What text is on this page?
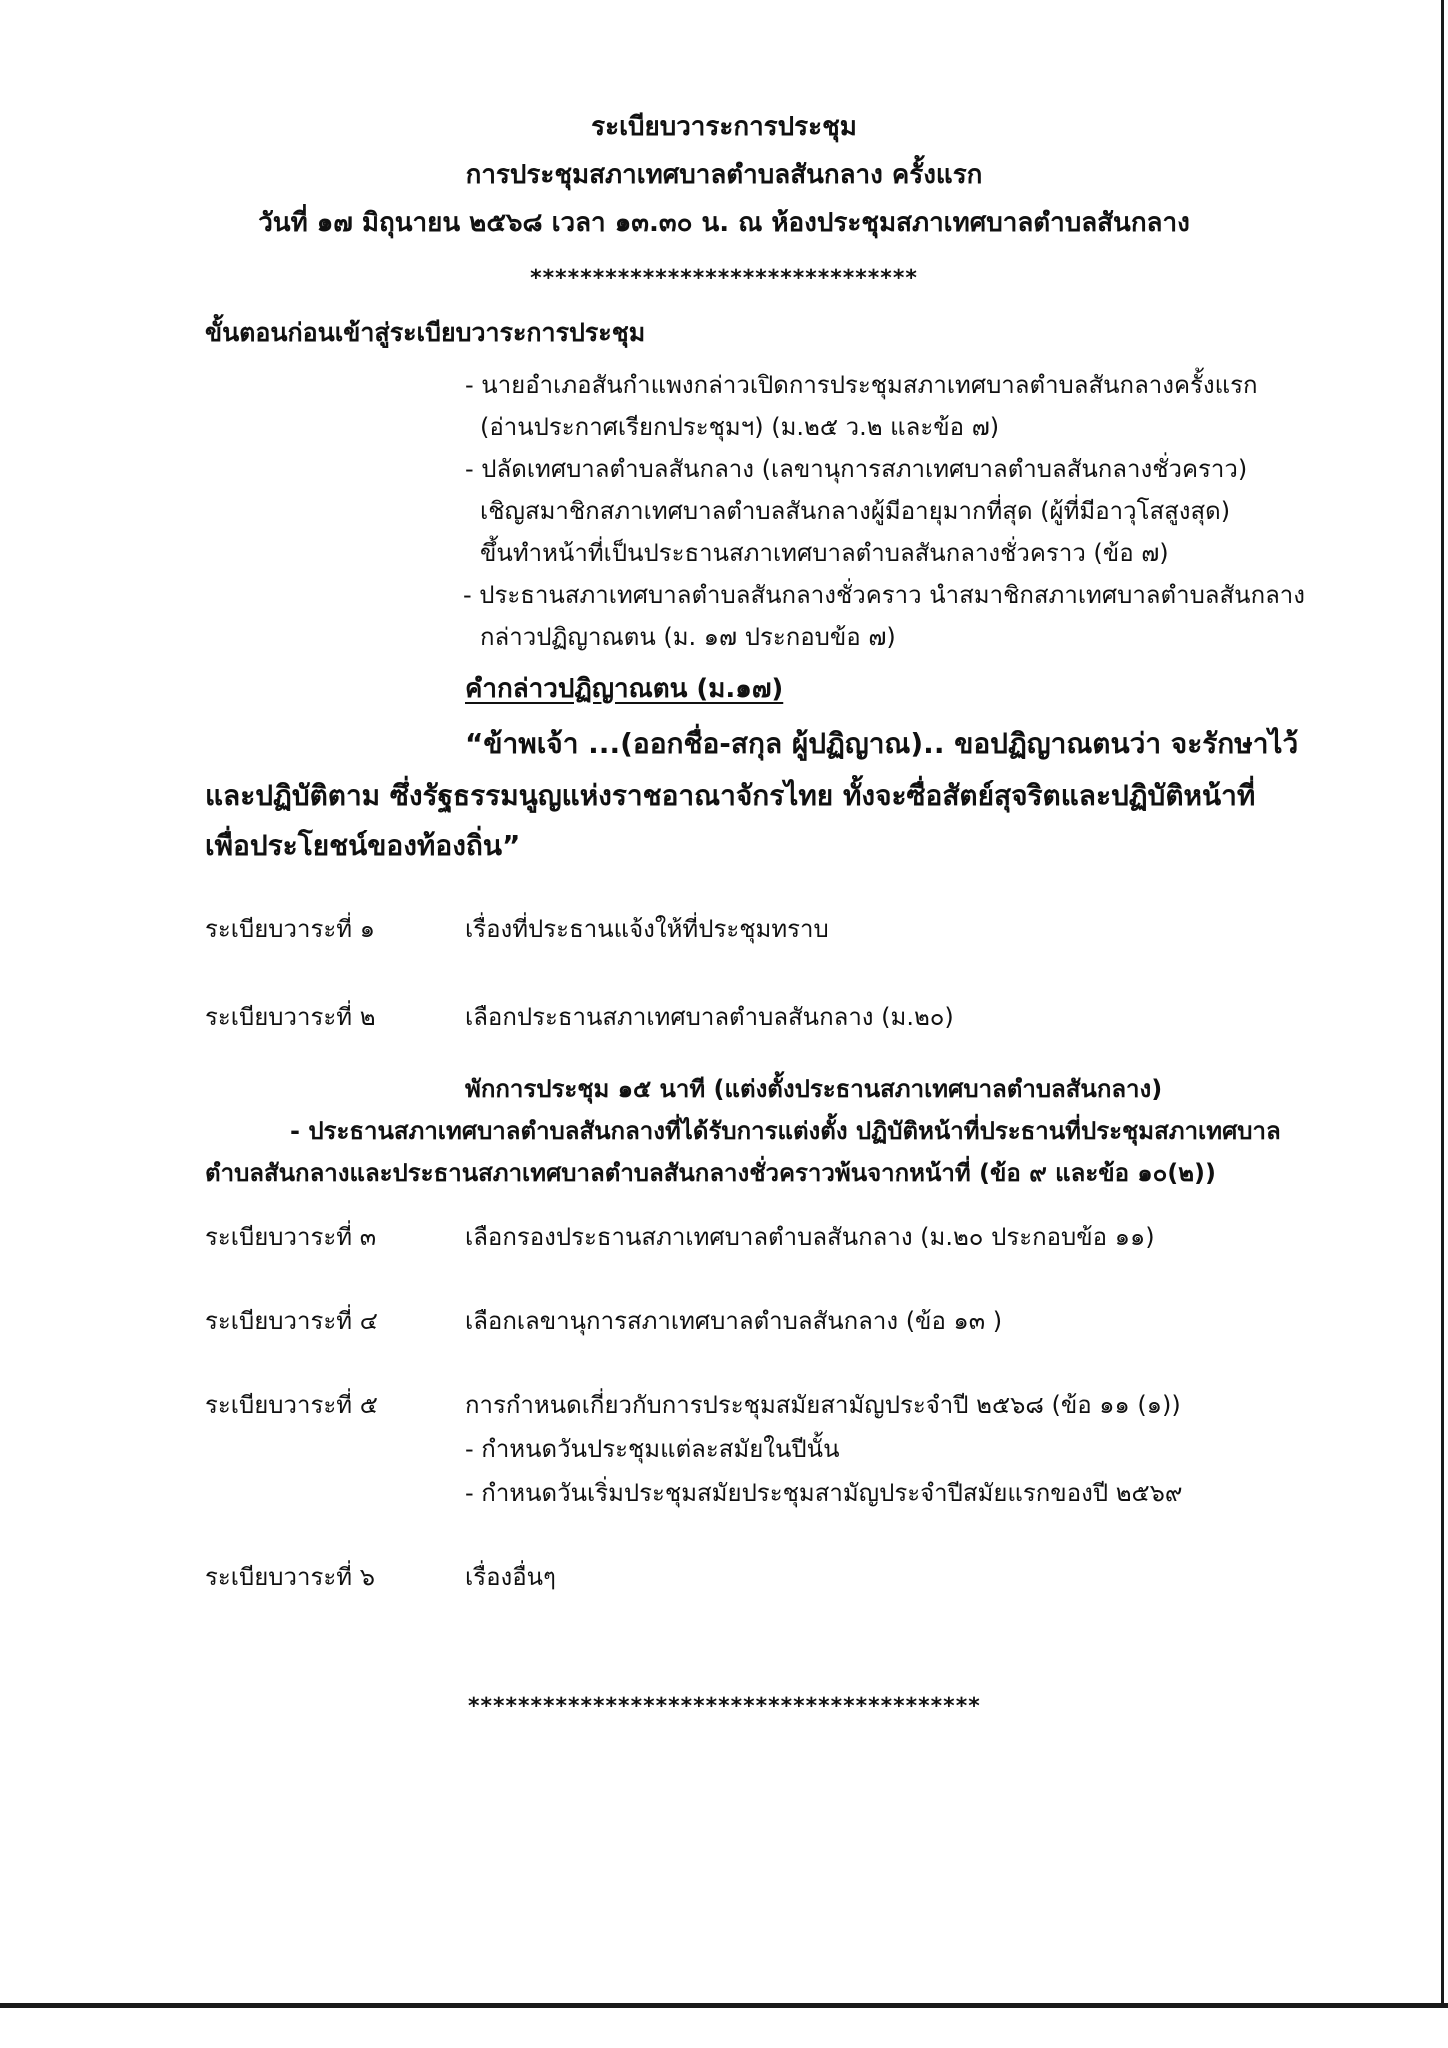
ระเบียบวาระการประชุม
การประชุมสภาเทศบาลตำบลสันกลาง ครั้งแรก
วันที่ ๑๗ มิถุนายน ๒๕๖๘ เวลา ๑๓.๓๐ น. ณ ห้องประชุมสภาเทศบาลตำบลสันกลาง
*******************************
ขั้นตอนก่อนเข้าสู่ระเบียบวาระการประชุม
- นายอำเภอสันกำแพงกล่าวเปิดการประชุมสภาเทศบาลตำบลสันกลางครั้งแรก
(อ่านประกาศเรียกประชุมฯ) (ม.๒๕ ว.๒ และข้อ ๗)
- ปลัดเทศบาลตำบลสันกลาง (เลขานุการสภาเทศบาลตำบลสันกลางชั่วคราว)
เชิญสมาชิกสภาเทศบาลตำบลสันกลางผู้มีอายุมากที่สุด (ผู้ที่มีอาวุโสสูงสุด)
ขึ้นทำหน้าที่เป็นประธานสภาเทศบาลตำบลสันกลางชั่วคราว (ข้อ ๗)
- ประธานสภาเทศบาลตำบลสันกลางชั่วคราว นำสมาชิกสภาเทศบาลตำบลสันกลาง
กล่าวปฏิญาณตน (ม. ๑๗ ประกอบข้อ ๗)
คำกล่าวปฏิญาณตน (ม.๑๗)
“ข้าพเจ้า ...(ออกชื่อ-สกุล ผู้ปฏิญาณ).. ขอปฏิญาณตนว่า จะรักษาไว้
และปฏิบัติตาม ซึ่งรัฐธรรมนูญแห่งราชอาณาจักรไทย ทั้งจะซื่อสัตย์สุจริตและปฏิบัติหน้าที่
เพื่อประโยชน์ของท้องถิ่น”
ระเบียบวาระที่ ๑	เรื่องที่ประธานแจ้งให้ที่ประชุมทราบ
ระเบียบวาระที่ ๒	เลือกประธานสภาเทศบาลตำบลสันกลาง (ม.๒๐)
พักการประชุม ๑๕ นาที (แต่งตั้งประธานสภาเทศบาลตำบลสันกลาง)
- ประธานสภาเทศบาลตำบลสันกลางที่ได้รับการแต่งตั้ง ปฏิบัติหน้าที่ประธานที่ประชุมสภาเทศบาล
ตำบลสันกลางและประธานสภาเทศบาลตำบลสันกลางชั่วคราวพ้นจากหน้าที่ (ข้อ ๙ และข้อ ๑๐(๒))
ระเบียบวาระที่ ๓	เลือกรองประธานสภาเทศบาลตำบลสันกลาง (ม.๒๐ ประกอบข้อ ๑๑)
ระเบียบวาระที่ ๔	เลือกเลขานุการสภาเทศบาลตำบลสันกลาง (ข้อ ๑๓ )
ระเบียบวาระที่ ๕	การกำหนดเกี่ยวกับการประชุมสมัยสามัญประจำปี ๒๕๖๘ (ข้อ ๑๑ (๑))
- กำหนดวันประชุมแต่ละสมัยในปีนั้น
- กำหนดวันเริ่มประชุมสมัยประชุมสามัญประจำปีสมัยแรกของปี ๒๕๖๙
ระเบียบวาระที่ ๖	เรื่องอื่นๆ
*****************************************
